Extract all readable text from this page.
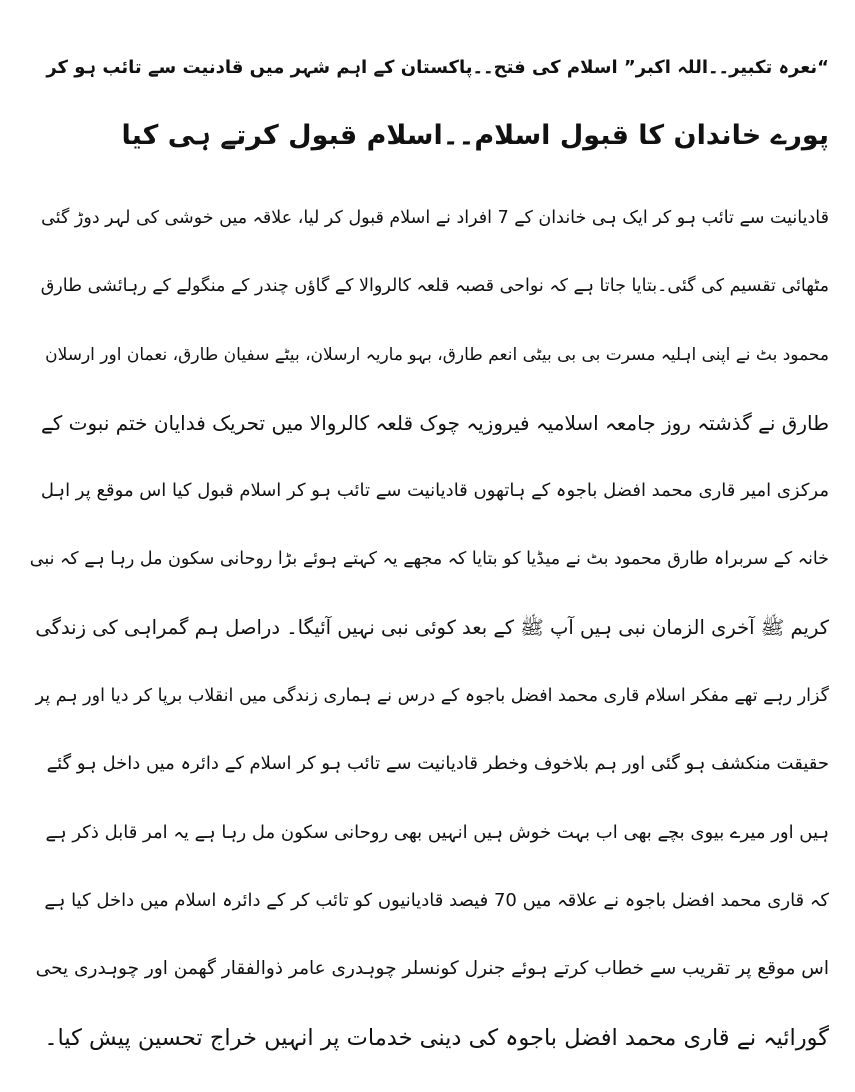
“نعرہ تکبیر۔۔اللہ اکبر” اسلام کی فتح۔۔پاکستان کے اہم شہر میں قادنیت سے تائب ہو کر
پورے خاندان کا قبول اسلام۔۔اسلام قبول کرتے ہی کیا
قادیانیت سے تائب ہو کر ایک ہی خاندان کے 7 افراد نے اسلام قبول کر لیا، علاقہ میں خوشی کی لہر دوڑ گئی
مٹھائی تقسیم کی گئی۔بتایا جاتا ہے کہ نواحی قصبہ قلعہ کالروالا کے گاؤں چندر کے منگولے کے رہائشی طارق
محمود بٹ نے اپنی اہلیہ مسرت بی بی بیٹی انعم طارق، بہو ماریہ ارسلان، بیٹے سفیان طارق، نعمان اور ارسلان
طارق نے گذشتہ روز جامعہ اسلامیہ فیروزیہ چوک قلعہ کالروالا میں تحریک فدایان ختم نبوت کے
مرکزی امیر قاری محمد افضل باجوہ کے ہاتھوں قادیانیت سے تائب ہو کر اسلام قبول کیا اس موقع پر اہل
خانہ کے سربراہ طارق محمود بٹ نے میڈیا کو بتایا کہ مجھے یہ کہتے ہوئے بڑا روحانی سکون مل رہا ہے کہ نبی
کریم ﷺ آخری الزمان نبی ہیں آپ ﷺ کے بعد کوئی نبی نہیں آئیگا۔ دراصل ہم گمراہی کی زندگی
گزار رہے تھے مفکر اسلام قاری محمد افضل باجوہ کے درس نے ہماری زندگی میں انقلاب برپا کر دیا اور ہم پر
حقیقت منکشف ہو گئی اور ہم بلاخوف وخطر قادیانیت سے تائب ہو کر اسلام کے دائرہ میں داخل ہو گئے
ہیں اور میرے بیوی بچے بھی اب بہت خوش ہیں انہیں بھی روحانی سکون مل رہا ہے یہ امر قابل ذکر ہے
کہ قاری محمد افضل باجوہ نے علاقہ میں 70 فیصد قادیانیوں کو تائب کر کے دائرہ اسلام میں داخل کیا ہے
اس موقع پر تقریب سے خطاب کرتے ہوئے جنرل کونسلر چوہدری عامر ذوالفقار گھمن اور چوہدری یحی
گورائیہ نے قاری محمد افضل باجوہ کی دینی خدمات پر انہیں خراج تحسین پیش کیا۔
